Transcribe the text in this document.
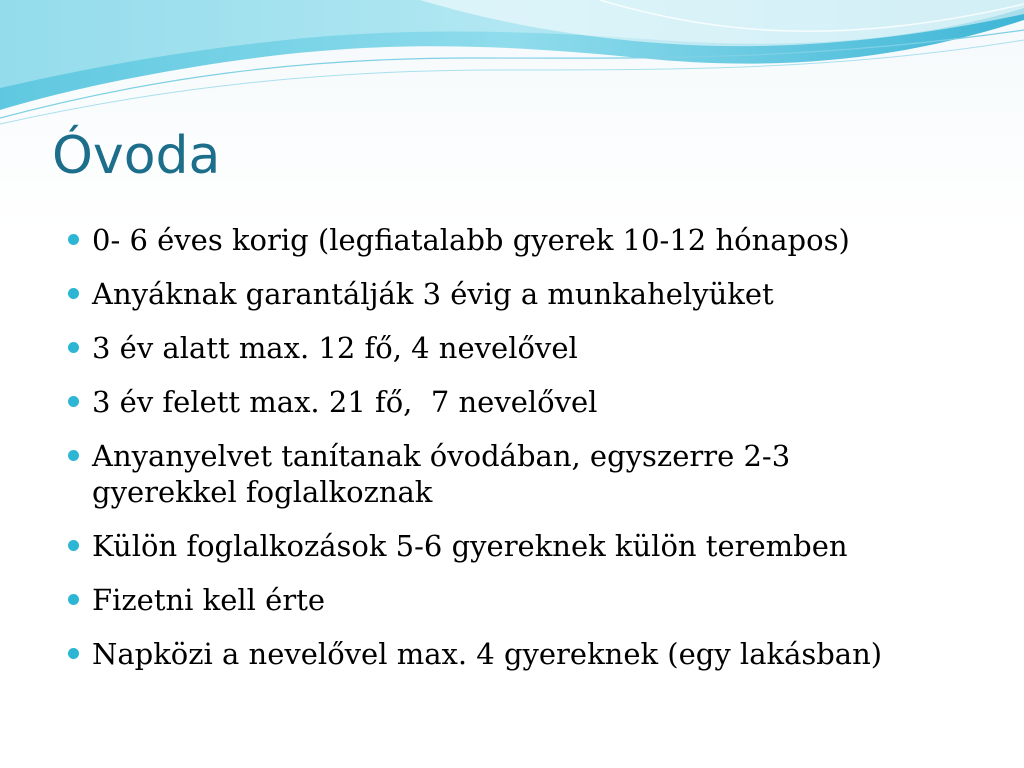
Óvoda
0- 6 éves korig (legfiatalabb gyerek 10-12 hónapos)
Anyáknak garantálják 3 évig a munkahelyüket
3 év alatt max. 12 fő, 4 nevelővel
3 év felett max. 21 fő,  7 nevelővel
Anyanyelvet tanítanak óvodában, egyszerre 2-3 gyerekkel foglalkoznak
Külön foglalkozások 5-6 gyereknek külön teremben
Fizetni kell érte
Napközi a nevelővel max. 4 gyereknek (egy lakásban)
